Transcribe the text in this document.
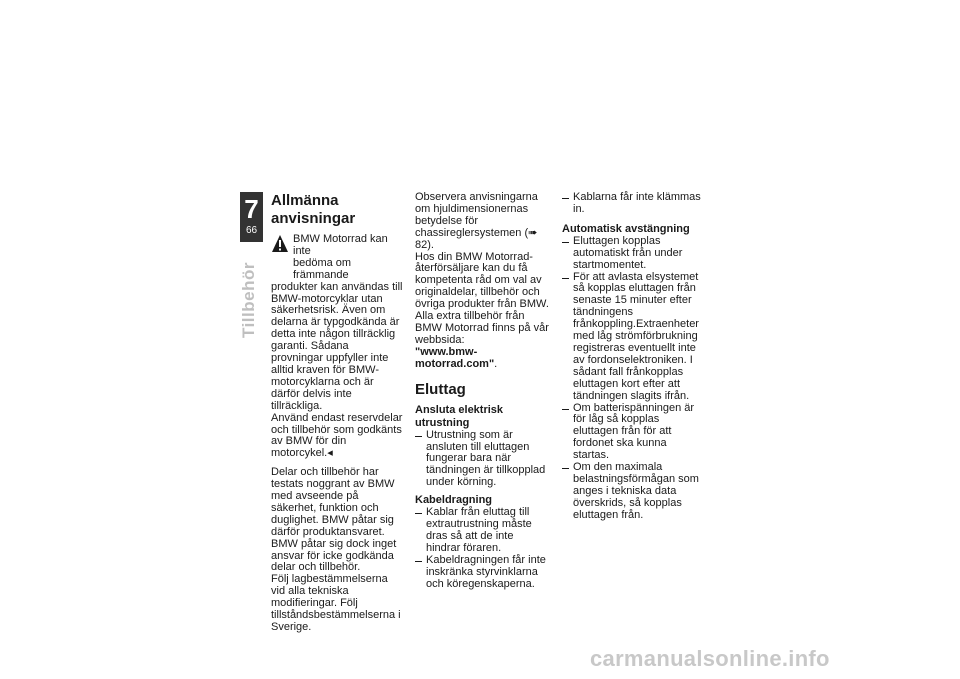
7
66
Tillbehör
Allmänna anvisningar
BMW Motorrad kan inte
bedöma om främmande

produkter kan användas till BMW-motorcyklar utan säkerhetsrisk. Även om delarna är typgodkända är detta inte någon tillräcklig garanti. Sådana provningar uppfyller inte alltid kraven för BMW-motorcyklarna och är därför delvis inte tillräckliga.

Använd endast reservdelar och tillbehör som godkänts av BMW för din motorcykel.◂

Delar och tillbehör har testats noggrant av BMW med avseende på säkerhet, funktion och duglighet. BMW påtar sig därför produktansvaret. BMW påtar sig dock inget ansvar för icke godkända delar och tillbehör.

Följ lagbestämmelserna vid alla tekniska modifieringar. Följ tillståndsbestämmelserna i Sverige.

Observera anvisningarna om hjuldimensionernas betydelse för chassireglersystemen (➠ 82).

Hos din BMW Motorrad-återförsäljare kan du få kompetenta råd om val av originaldelar, tillbehör och övriga produkter från BMW.

Alla extra tillbehör från BMW Motorrad finns på vår webbsida:

"www.bmw-motorrad.com".

Eluttag
Ansluta elektrisk utrustning
Utrustning som är ansluten till eluttagen fungerar bara när tändningen är tillkopplad under körning.
Kabeldragning
Kablar från eluttag till extrautrustning måste dras så att de inte hindrar föraren.
Kabeldragningen får inte inskränka styrvinklarna och köregenskaperna.
Kablarna får inte klämmas in.
Automatisk avstängning
Eluttagen kopplas automatiskt från under startmomentet.
För att avlasta elsystemet så kopplas eluttagen från senaste 15 minuter efter tändningens frånkoppling.Extraenheter med låg strömförbrukning registreras eventuellt inte av fordonselektroniken. I sådant fall frånkopplas eluttagen kort efter att tändningen slagits ifrån.
Om batterispänningen är för låg så kopplas eluttagen från för att fordonet ska kunna startas.
Om den maximala belastningsförmågan som anges i tekniska data överskrids, så kopplas eluttagen från.
carmanualsonline.info
